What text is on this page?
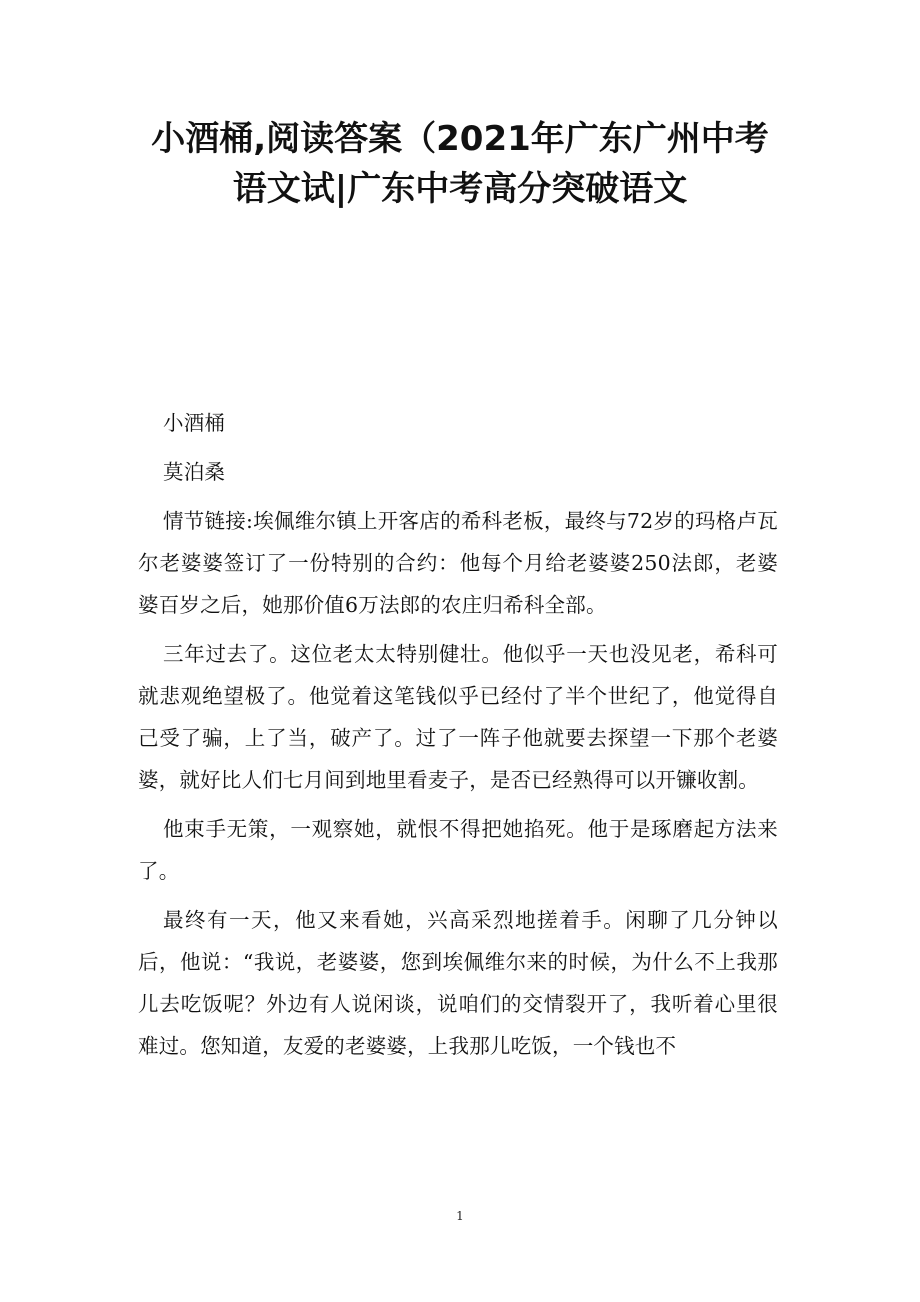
小酒桶,阅读答案（2021年广东广州中考语文试|广东中考高分突破语文

小酒桶

莫泊桑

情节链接:埃佩维尔镇上开客店的希科老板，最终与72岁的玛格卢瓦尔老婆婆签订了一份特别的合约：他每个月给老婆婆250法郎，老婆婆百岁之后，她那价值6万法郎的农庄归希科全部。

三年过去了。这位老太太特别健壮。他似乎一天也没见老，希科可就悲观绝望极了。他觉着这笔钱似乎已经付了半个世纪了，他觉得自己受了骗，上了当，破产了。过了一阵子他就要去探望一下那个老婆婆，就好比人们七月间到地里看麦子，是否已经熟得可以开镰收割。

他束手无策，一观察她，就恨不得把她掐死。他于是琢磨起方法来了。

最终有一天，他又来看她，兴高采烈地搓着手。闲聊了几分钟以后，他说：“我说，老婆婆，您到埃佩维尔来的时候，为什么不上我那儿去吃饭呢？外边有人说闲谈，说咱们的交情裂开了，我听着心里很难过。您知道，友爱的老婆婆，上我那儿吃饭，一个钱也不

1
